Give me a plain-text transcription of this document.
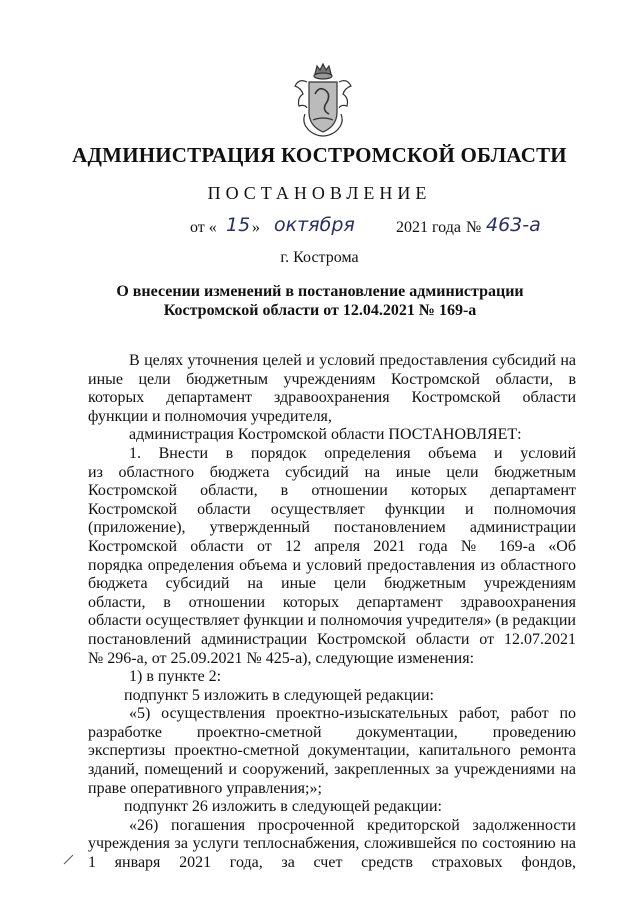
АДМИНИСТРАЦИЯ КОСТРОМСКОЙ ОБЛАСТИ
ПОСТАНОВЛЕНИЕ
от « 15 » октября	2021 года № 463-а
г. Кострома
О внесении изменений в постановление администрации
Костромской области от 12.04.2021 № 169-а
В целях уточнения целей и условий предоставления субсидий на
иные цели бюджетным учреждениям Костромской области, в
которых департамент здравоохранения Костромской области
функции и полномочия учредителя,
администрация Костромской области ПОСТАНОВЛЯЕТ:
1. Внести в порядок определения объема и условий
из областного бюджета субсидий на иные цели бюджетным
Костромской области, в отношении которых департамент
Костромской области осуществляет функции и полномочия
(приложение), утвержденный постановлением администрации
Костромской области от 12 апреля 2021 года № 169-а «Об
порядка определения объема и условий предоставления из областного
бюджета субсидий на иные цели бюджетным учреждениям
области, в отношении которых департамент здравоохранения
области осуществляет функции и полномочия учредителя» (в редакции
постановлений администрации Костромской области от 12.07.2021
№ 296-а, от 25.09.2021 № 425-а), следующие изменения:
1) в пункте 2:
подпункт 5 изложить в следующей редакции:
«5) осуществления проектно-изыскательных работ, работ по
разработке проектно-сметной документации, проведению
экспертизы проектно-сметной документации, капитального ремонта
зданий, помещений и сооружений, закрепленных за учреждениями на
праве оперативного управления;»;
подпункт 26 изложить в следующей редакции:
«26) погашения просроченной кредиторской задолженности
учреждения за услуги теплоснабжения, сложившейся по состоянию на
1 января 2021 года, за счет средств страховых фондов,
